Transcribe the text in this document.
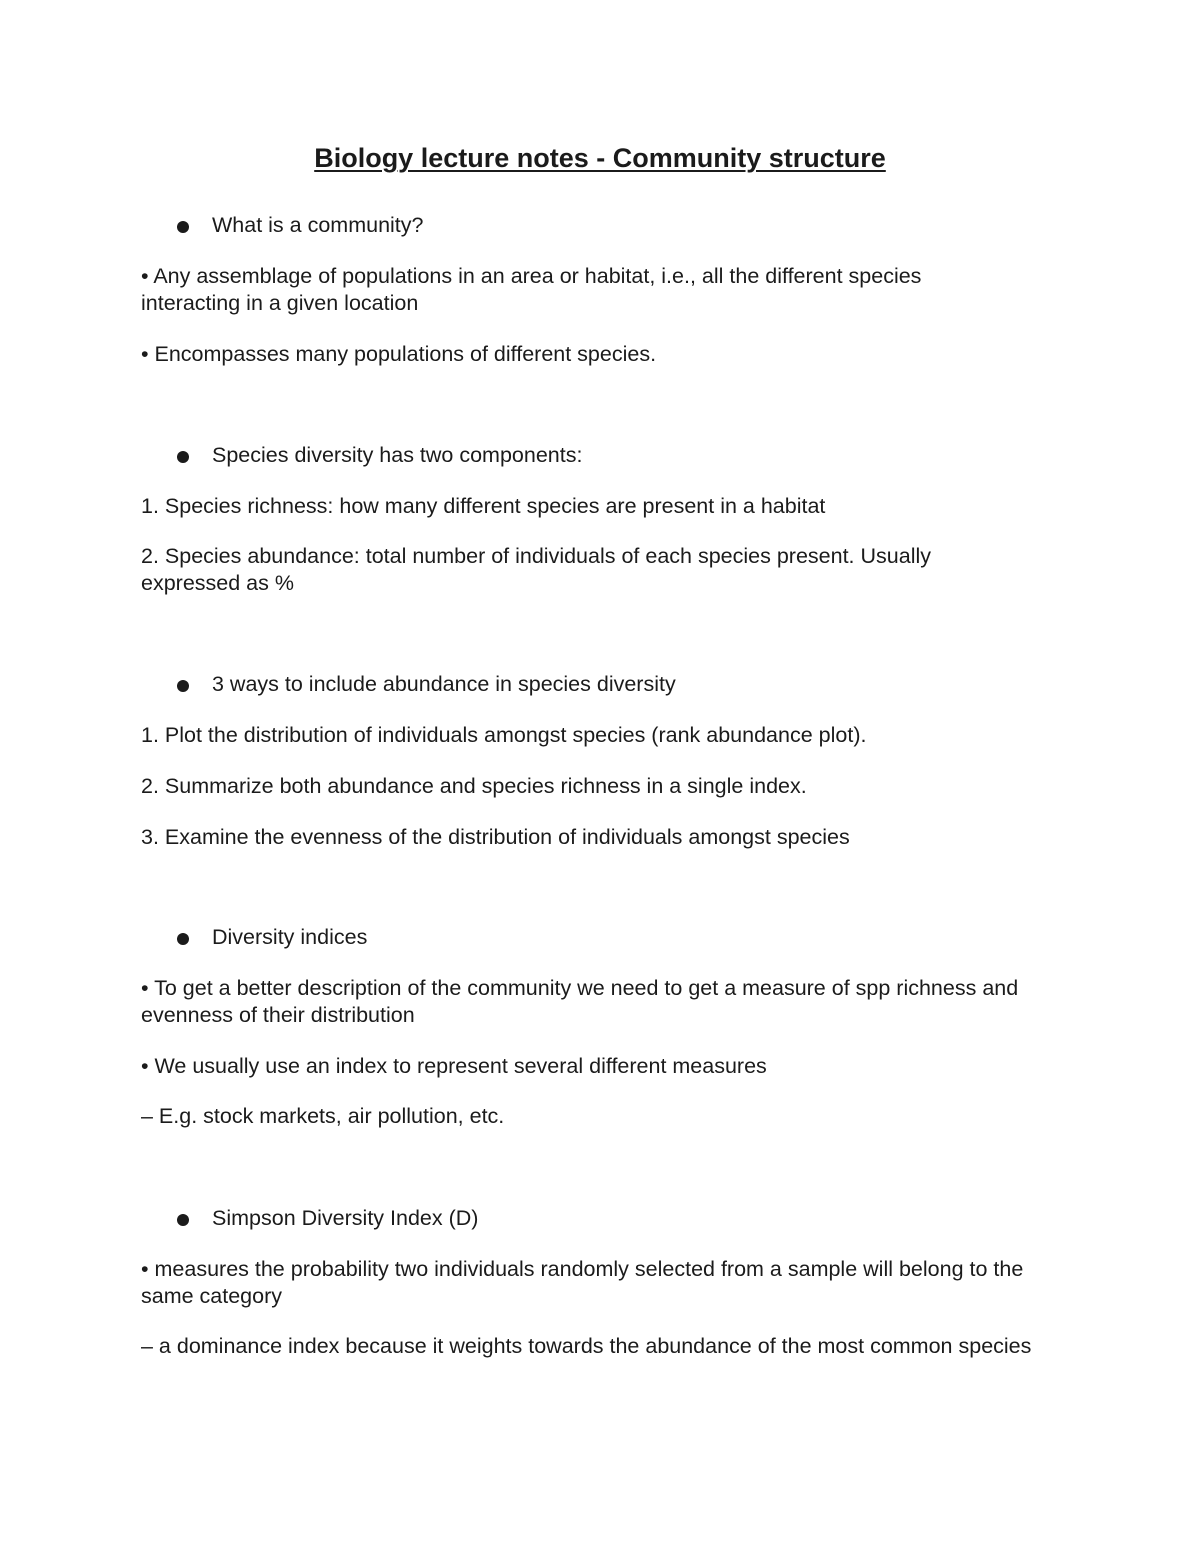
Biology lecture notes - Community structure
What is a community?
• Any assemblage of populations in an area or habitat, i.e., all the different species interacting in a given location
• Encompasses many populations of different species.
Species diversity has two components:
1. Species richness: how many different species are present in a habitat
2. Species abundance: total number of individuals of each species present. Usually expressed as %
3 ways to include abundance in species diversity
1. Plot the distribution of individuals amongst species (rank abundance plot).
2. Summarize both abundance and species richness in a single index.
3. Examine the evenness of the distribution of individuals amongst species
Diversity indices
• To get a better description of the community we need to get a measure of spp richness and evenness of their distribution
• We usually use an index to represent several different measures
– E.g. stock markets, air pollution, etc.
Simpson Diversity Index (D)
• measures the probability two individuals randomly selected from a sample will belong to the same category
– a dominance index because it weights towards the abundance of the most common species
